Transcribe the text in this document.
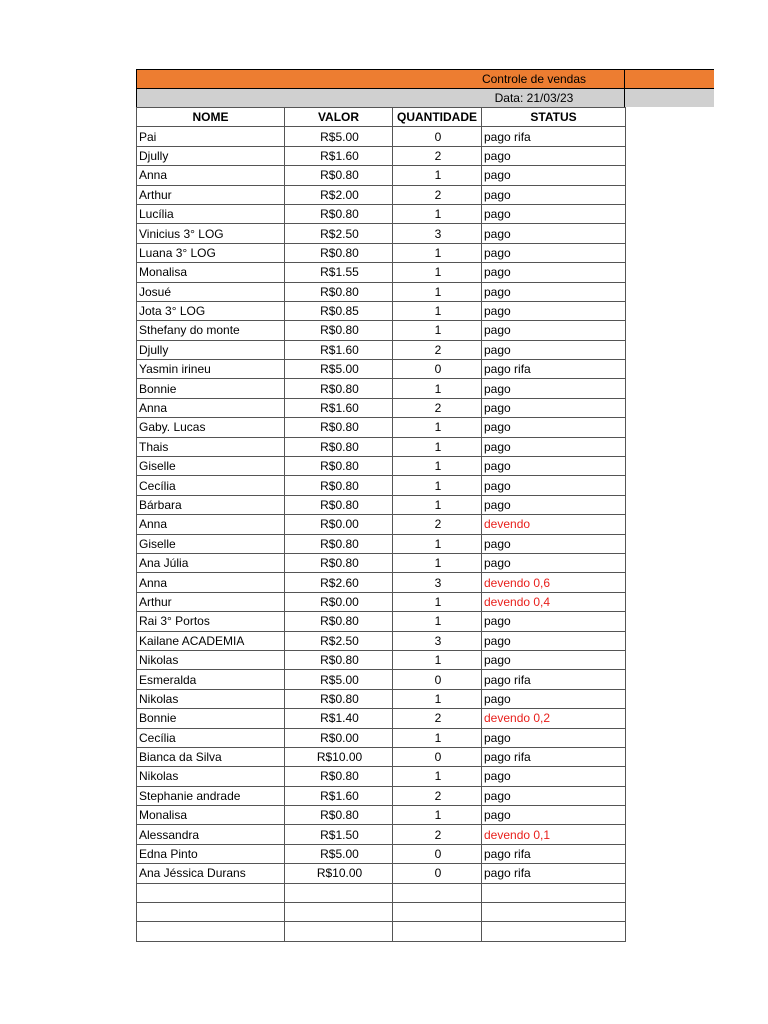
Controle de vendas
Data: 21/03/23
NOME	VALOR	QUANTIDADE	STATUS
Pai	R$5.00	0	pago rifa
Djully	R$1.60	2	pago
Anna	R$0.80	1	pago
Arthur	R$2.00	2	pago
Lucília	R$0.80	1	pago
Vinicius 3° LOG	R$2.50	3	pago
Luana 3° LOG	R$0.80	1	pago
Monalisa	R$1.55	1	pago
Josué	R$0.80	1	pago
Jota 3° LOG	R$0.85	1	pago
Sthefany do monte	R$0.80	1	pago
Djully	R$1.60	2	pago
Yasmin irineu	R$5.00	0	pago rifa
Bonnie	R$0.80	1	pago
Anna	R$1.60	2	pago
Gaby. Lucas	R$0.80	1	pago
Thais	R$0.80	1	pago
Giselle	R$0.80	1	pago
Cecília	R$0.80	1	pago
Bárbara	R$0.80	1	pago
Anna	R$0.00	2	devendo
Giselle	R$0.80	1	pago
Ana Júlia	R$0.80	1	pago
Anna	R$2.60	3	devendo 0,6
Arthur	R$0.00	1	devendo 0,4
Rai 3° Portos	R$0.80	1	pago
Kailane ACADEMIA	R$2.50	3	pago
Nikolas	R$0.80	1	pago
Esmeralda	R$5.00	0	pago rifa
Nikolas	R$0.80	1	pago
Bonnie	R$1.40	2	devendo 0,2
Cecília	R$0.00	1	pago
Bianca da Silva	R$10.00	0	pago rifa
Nikolas	R$0.80	1	pago
Stephanie andrade	R$1.60	2	pago
Monalisa	R$0.80	1	pago
Alessandra	R$1.50	2	devendo 0,1
Edna Pinto	R$5.00	0	pago rifa
Ana Jéssica Durans	R$10.00	0	pago rifa
